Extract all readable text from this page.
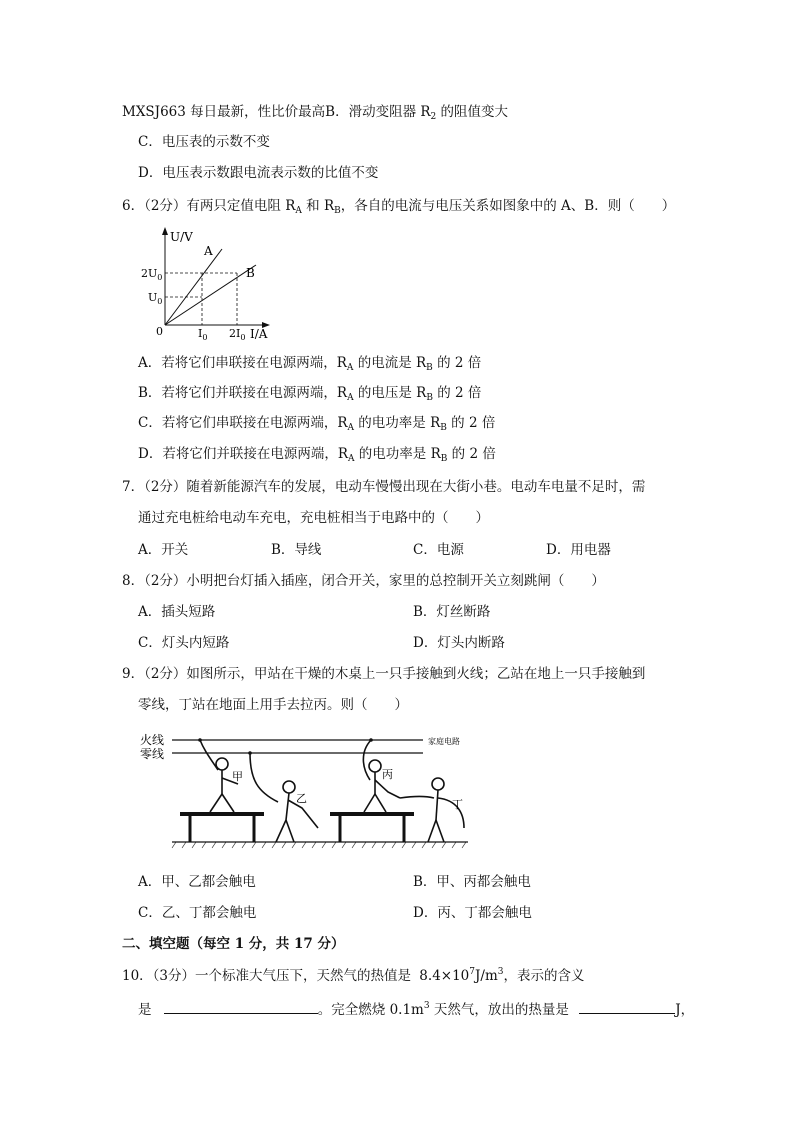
MXSJ663 每日最新，性比价最高B．滑动变阻器 $R_2$ 的阻值变大
C．电压表的示数不变
D．电压表示数跟电流表示数的比值不变
6．（2分）有两只定值电阻 $R_A$ 和 $R_B$，各自的电流与电压关系如图象中的 A、B．则（　　）
U/V
A
B
$2U_0$
$U_0$
0	$I_0$ $2I_0$ I/A
A．若将它们串联接在电源两端，$R_A$ 的电流是 $R_B$ 的 2 倍
B．若将它们并联接在电源两端，$R_A$ 的电压是 $R_B$ 的 2 倍
C．若将它们串联接在电源两端，$R_A$ 的电功率是 $R_B$ 的 2 倍
D．若将它们并联接在电源两端，$R_A$ 的电功率是 $R_B$ 的 2 倍
7．（2分）随着新能源汽车的发展，电动车慢慢出现在大街小巷。电动车电量不足时，需
通过充电桩给电动车充电，充电桩相当于电路中的（　　）
A．开关	B．导线	C．电源	D．用电器
8．（2分）小明把台灯插入插座，闭合开关，家里的总控制开关立刻跳闸（　　）
A．插头短路	B．灯丝断路
C．灯头内短路	D．灯头内断路
9．（2分）如图所示，甲站在干燥的木桌上一只手接触到火线；乙站在地上一只手接触到
零线，丁站在地面上用手去拉丙。则（　　）
火线
零线
家庭电路
甲
乙
丙
丁
A．甲、乙都会触电	B．甲、丙都会触电
C．乙、丁都会触电	D．丙、丁都会触电
二、填空题（每空 1 分，共 17 分）
10．（3分）一个标准大气压下，天然气的热值是 $8.4\times 10^7J/m^3$，表示的含义
是	。完全燃烧 $0.1m^3$ 天然气，放出的热量是	J，
